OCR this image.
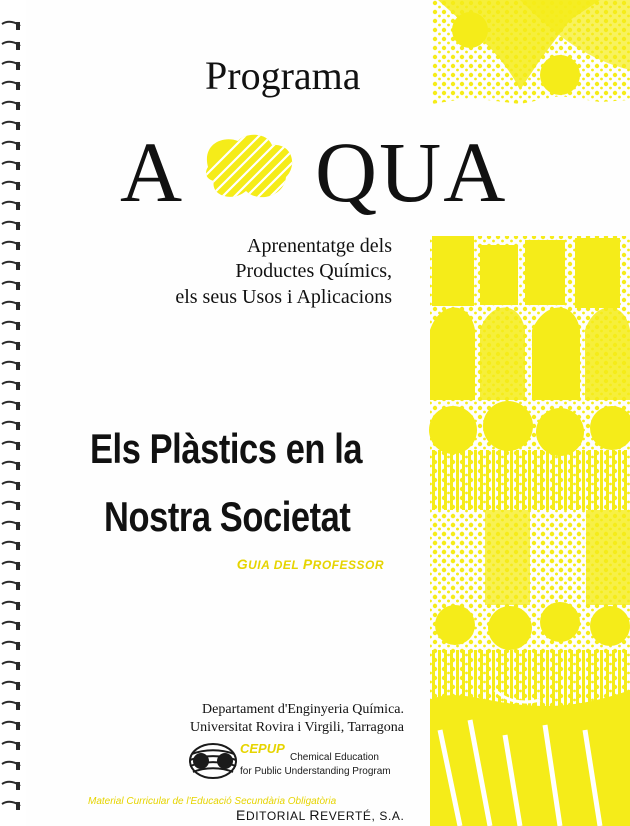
Programa
A QUA
Aprenentatge dels
Productes Químics,
els seus Usos i Aplicacions
Els Plàstics en la
Nostra Societat
GUIA DEL PROFESSOR
Departament d'Enginyeria Química.
Universitat Rovira i Virgili, Tarragona
CEPUP
Chemical Education
for Public Understanding Program
Material Curricular de l'Educació Secundària Obligatòria
EDITORIAL REVERTÉ, S.A.
